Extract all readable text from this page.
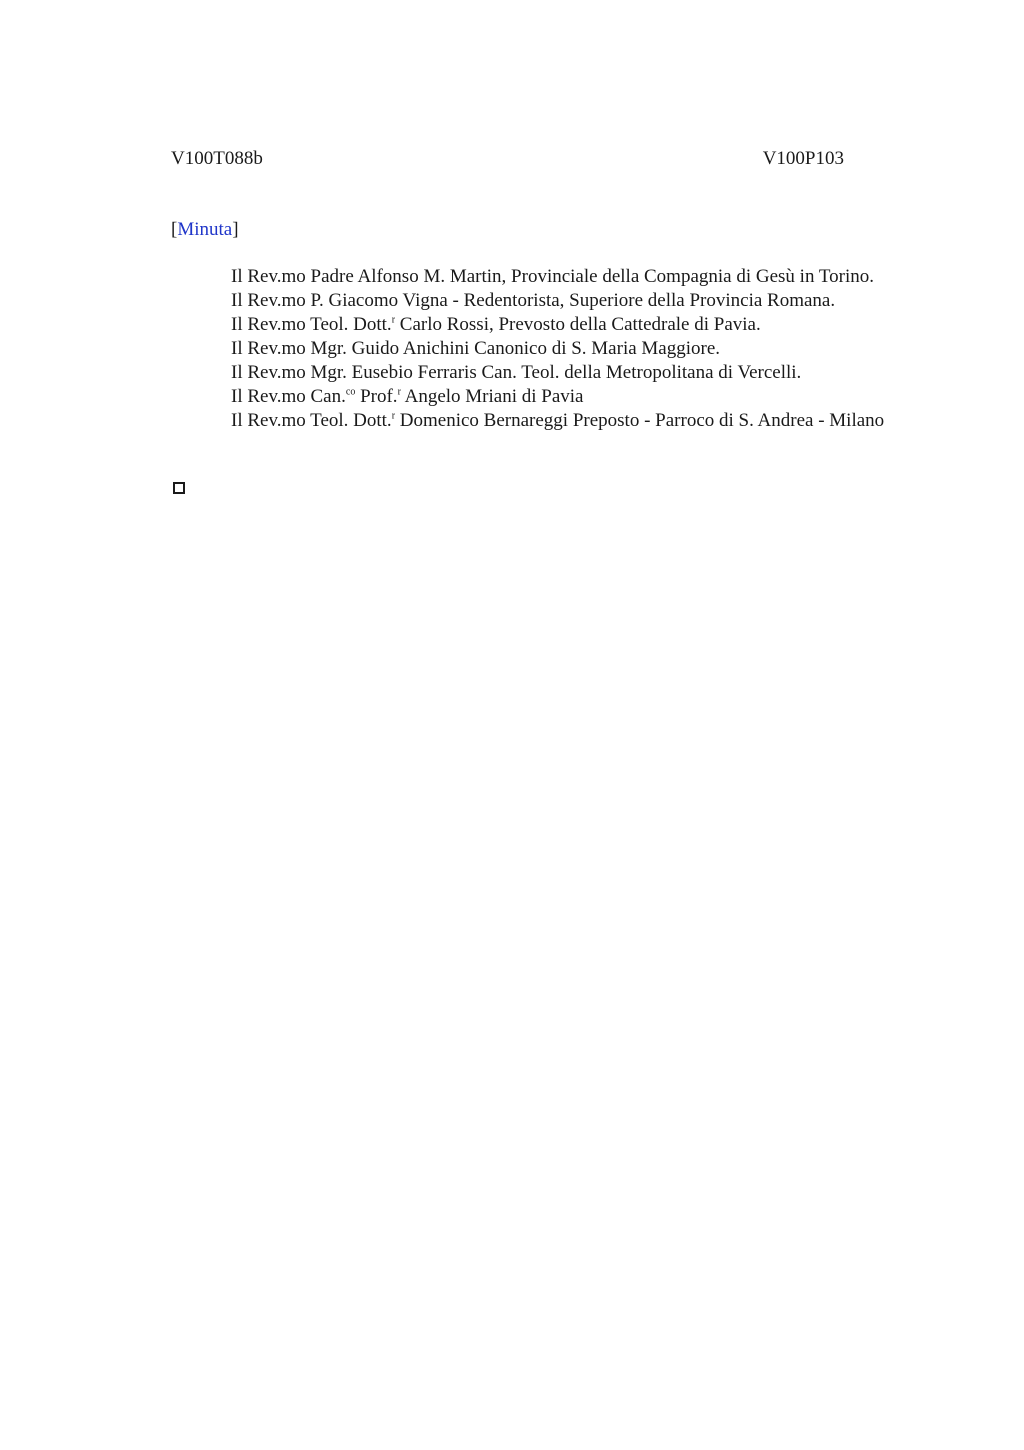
V100T088b	V100P103
[Minuta]

Il Rev.mo Padre Alfonso M. Martin, Provinciale della Compagnia di Gesù in Torino.

Il Rev.mo P. Giacomo Vigna - Redentorista, Superiore della Provincia Romana.

Il Rev.mo Teol. Dott.$^r$ Carlo Rossi, Prevosto della Cattedrale di Pavia.

Il Rev.mo Mgr. Guido Anichini Canonico di S. Maria Maggiore.

Il Rev.mo Mgr. Eusebio Ferraris Can. Teol. della Metropolitana di Vercelli.

Il Rev.mo Can.$^{co}$ Prof.$^r$ Angelo Mriani di Pavia

Il Rev.mo Teol. Dott.$^r$ Domenico Bernareggi Preposto - Parroco di S. Andrea - Milano
